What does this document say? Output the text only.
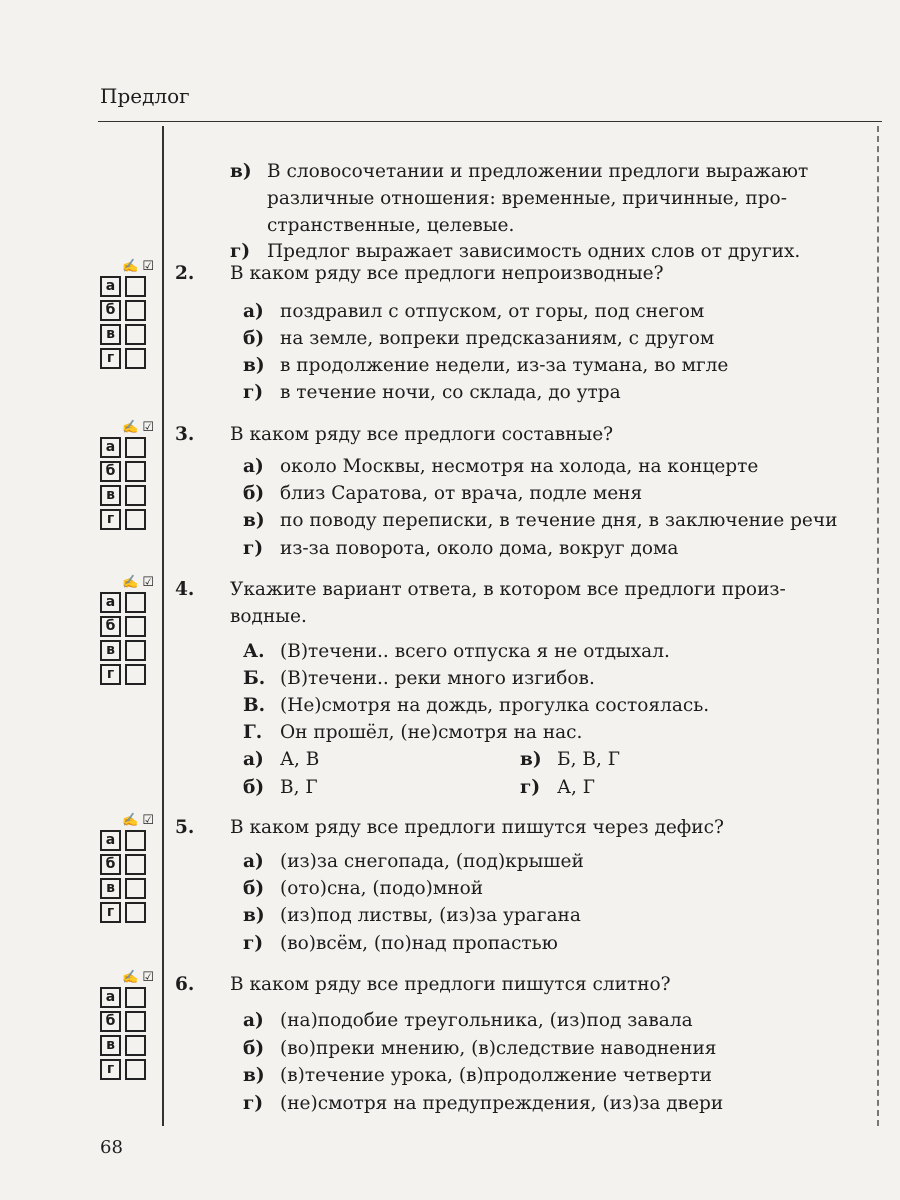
Предлог
в) В словосочетании и предложении предлоги выражают
различные отношения: временные, причинные, про-
странственные, целевые.
г) Предлог выражает зависимость одних слов от других.
✍ ☑
а
б
в
г
2. В каком ряду все предлоги непроизводные?
а) поздравил с отпуском, от горы, под снегом
б) на земле, вопреки предсказаниям, с другом
в) в продолжение недели, из-за тумана, во мгле
г) в течение ночи, со склада, до утра
✍ ☑
а
б
в
г
3. В каком ряду все предлоги составные?
а) около Москвы, несмотря на холода, на концерте
б) близ Саратова, от врача, подле меня
в) по поводу переписки, в течение дня, в заключение речи
г) из-за поворота, около дома, вокруг дома
✍ ☑
а
б
в
г
4. Укажите вариант ответа, в котором все предлоги произ-
водные.
А. (В)течени.. всего отпуска я не отдыхал.
Б. (В)течени.. реки много изгибов.
В. (Не)смотря на дождь, прогулка состоялась.
Г. Он прошёл, (не)смотря на нас.
а) А, В	в) Б, В, Г
б) В, Г	г) А, Г
✍ ☑
а
б
в
г
5. В каком ряду все предлоги пишутся через дефис?
а) (из)за снегопада, (под)крышей
б) (ото)сна, (подо)мной
в) (из)под листвы, (из)за урагана
г) (во)всём, (по)над пропастью
✍ ☑
а
б
в
г
6. В каком ряду все предлоги пишутся слитно?
а) (на)подобие треугольника, (из)под завала
б) (во)преки мнению, (в)следствие наводнения
в) (в)течение урока, (в)продолжение четверти
г) (не)смотря на предупреждения, (из)за двери
68
